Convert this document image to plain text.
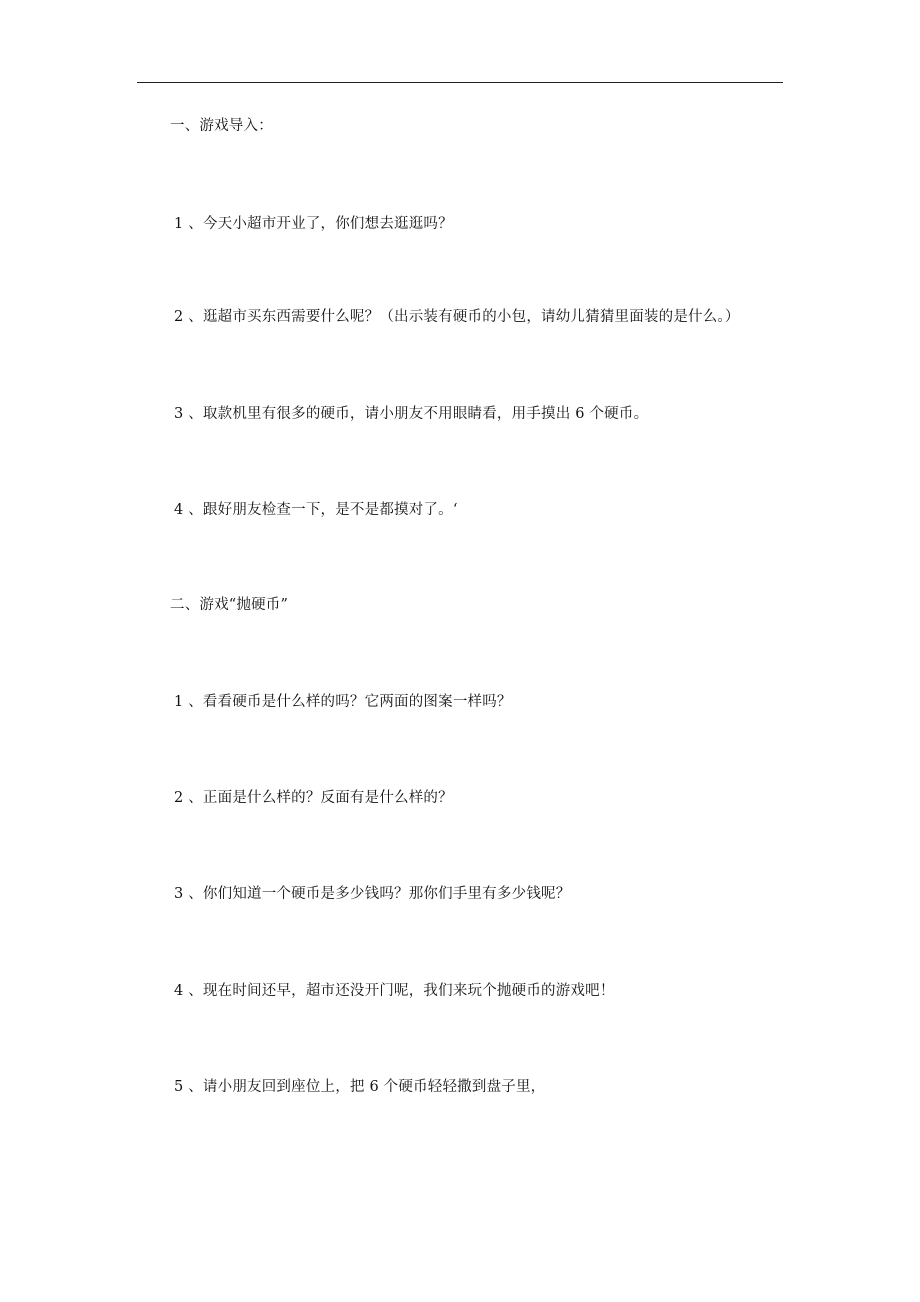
一、游戏导入：
1 、今天小超市开业了，你们想去逛逛吗？
2 、逛超市买东西需要什么呢？（出示装有硬币的小包，请幼儿猜猜里面装的是什么。）
3 、取款机里有很多的硬币，请小朋友不用眼睛看，用手摸出 6 个硬币。
4 、跟好朋友检查一下，是不是都摸对了。‘
二、游戏“抛硬币”
1 、看看硬币是什么样的吗？它两面的图案一样吗？
2 、正面是什么样的？反面有是什么样的？
3 、你们知道一个硬币是多少钱吗？那你们手里有多少钱呢？
4 、现在时间还早，超市还没开门呢，我们来玩个抛硬币的游戏吧！
5 、请小朋友回到座位上，把 6 个硬币轻轻撒到盘子里，
